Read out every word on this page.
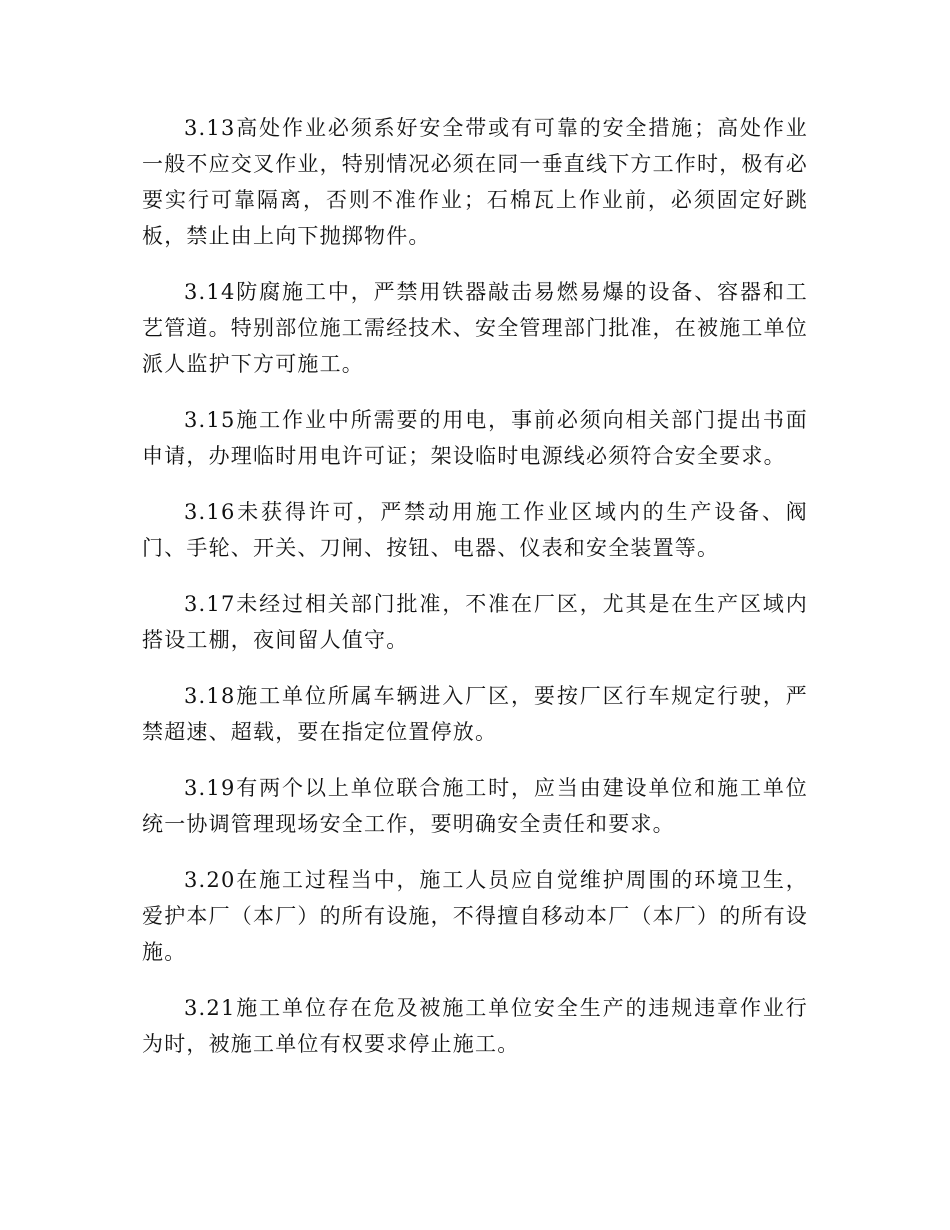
3.13高处作业必须系好安全带或有可靠的安全措施；高处作业一般不应交叉作业，特别情况必须在同一垂直线下方工作时，极有必要实行可靠隔离，否则不准作业；石棉瓦上作业前，必须固定好跳板，禁止由上向下抛掷物件。

3.14防腐施工中，严禁用铁器敲击易燃易爆的设备、容器和工艺管道。特别部位施工需经技术、安全管理部门批准，在被施工单位派人监护下方可施工。

3.15施工作业中所需要的用电，事前必须向相关部门提出书面申请，办理临时用电许可证；架设临时电源线必须符合安全要求。

3.16未获得许可，严禁动用施工作业区域内的生产设备、阀门、手轮、开关、刀闸、按钮、电器、仪表和安全装置等。

3.17未经过相关部门批准，不准在厂区，尤其是在生产区域内搭设工棚，夜间留人值守。

3.18施工单位所属车辆进入厂区，要按厂区行车规定行驶，严禁超速、超载，要在指定位置停放。

3.19有两个以上单位联合施工时，应当由建设单位和施工单位统一协调管理现场安全工作，要明确安全责任和要求。

3.20在施工过程当中，施工人员应自觉维护周围的环境卫生，爱护本厂（本厂）的所有设施，不得擅自移动本厂（本厂）的所有设施。

3.21施工单位存在危及被施工单位安全生产的违规违章作业行为时，被施工单位有权要求停止施工。
